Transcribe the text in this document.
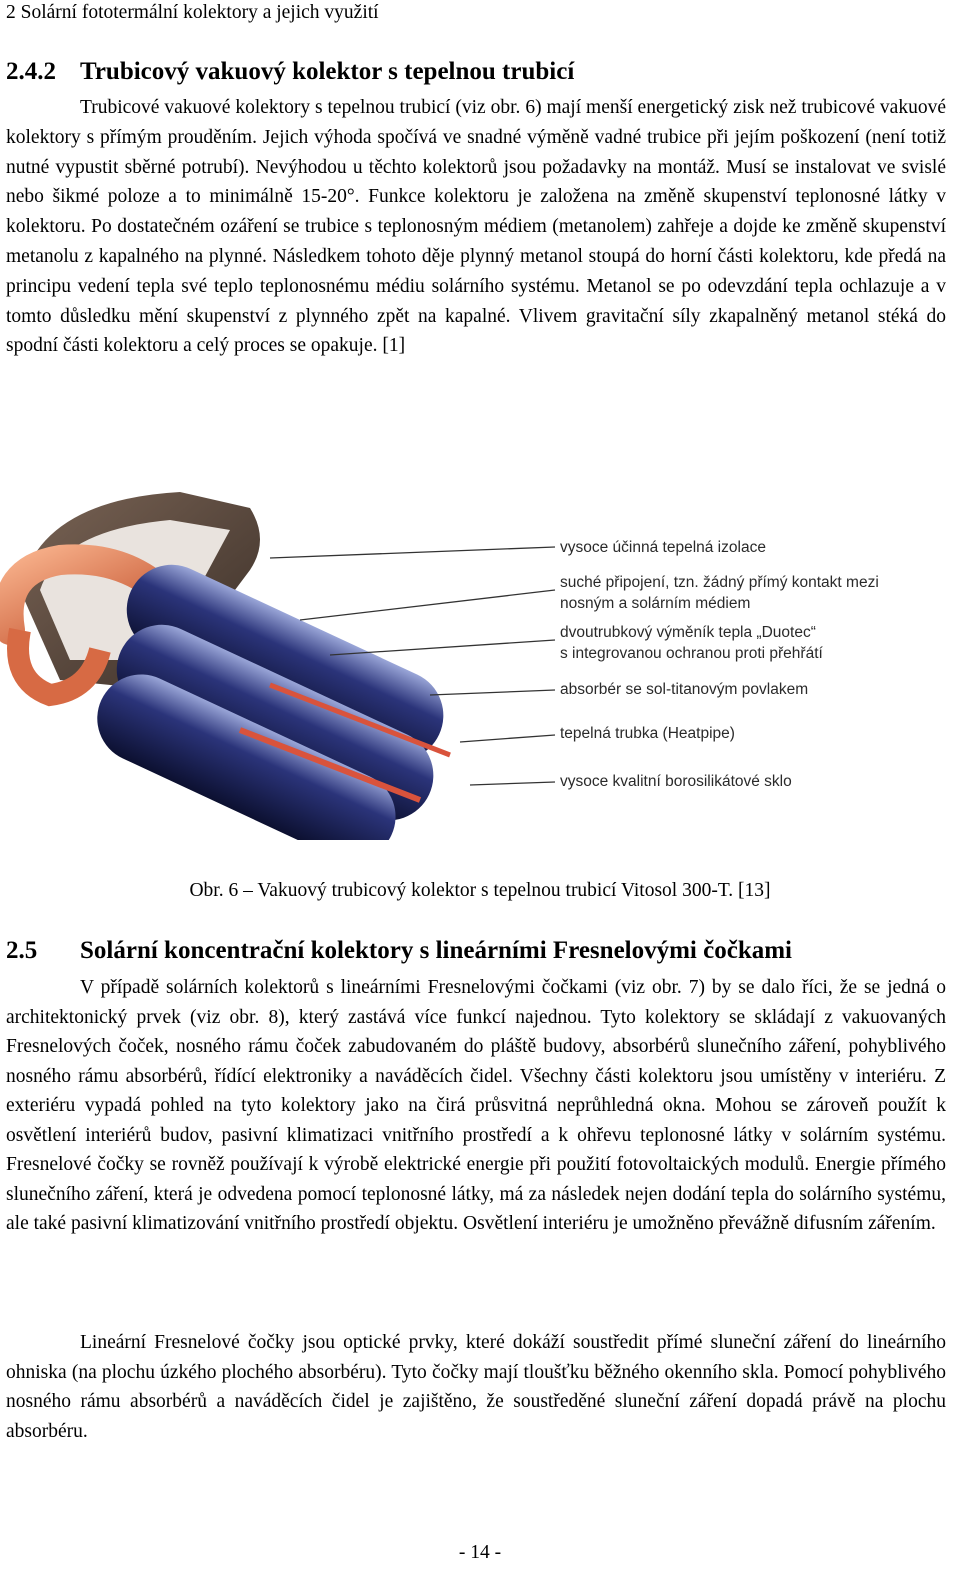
2 Solární fototermální kolektory a jejich využití
2.4.2 Trubicový vakuový kolektor s tepelnou trubicí

Trubicové vakuové kolektory s tepelnou trubicí (viz obr. 6) mají menší energetický zisk než trubicové vakuové kolektory s přímým prouděním. Jejich výhoda spočívá ve snadné výměně vadné trubice při jejím poškození (není totiž nutné vypustit sběrné potrubí). Nevýhodou u těchto kolektorů jsou požadavky na montáž. Musí se instalovat ve svislé nebo šikmé poloze a to minimálně 15-20°. Funkce kolektoru je založena na změně skupenství teplonosné látky v kolektoru. Po dostatečném ozáření se trubice s teplonosným médiem (metanolem) zahřeje a dojde ke změně skupenství metanolu z kapalného na plynné. Následkem tohoto děje plynný metanol stoupá do horní části kolektoru, kde předá na principu vedení tepla své teplo teplonosnému médiu solárního systému. Metanol se po odevzdání tepla ochlazuje a v tomto důsledku mění skupenství z plynného zpět na kapalné. Vlivem gravitační síly zkapalněný metanol stéká do spodní části kolektoru a celý proces se opakuje. [1]

vysoce účinná tepelná izolace
suché připojení, tzn. žádný přímý kontakt mezi
nosným a solárním médiem
dvoutrubkový výměník tepla „Duotec“
s integrovanou ochranou proti přehřátí
absorbér se sol-titanovým povlakem
tepelná trubka (Heatpipe)
vysoce kvalitní borosilikátové sklo
Obr. 6 – Vakuový trubicový kolektor s tepelnou trubicí Vitosol 300-T. [13]
2.5 Solární koncentrační kolektory s lineárními Fresnelovými čočkami

V případě solárních kolektorů s lineárními Fresnelovými čočkami (viz obr. 7) by se dalo říci, že se jedná o architektonický prvek (viz obr. 8), který zastává více funkcí najednou. Tyto kolektory se skládají z vakuovaných Fresnelových čoček, nosného rámu čoček zabudovaném do pláště budovy, absorbérů slunečního záření, pohyblivého nosného rámu absorbérů, řídící elektroniky a naváděcích čidel. Všechny části kolektoru jsou umístěny v interiéru. Z exteriéru vypadá pohled na tyto kolektory jako na čirá průsvitná neprůhledná okna. Mohou se zároveň použít k osvětlení interiérů budov, pasivní klimatizaci vnitřního prostředí a k ohřevu teplonosné látky v solárním systému. Fresnelové čočky se rovněž používají k výrobě elektrické energie při použití fotovoltaických modulů. Energie přímého slunečního záření, která je odvedena pomocí teplonosné látky, má za následek nejen dodání tepla do solárního systému, ale také pasivní klimatizování vnitřního prostředí objektu. Osvětlení interiéru je umožněno převážně difusním zářením.

Lineární Fresnelové čočky jsou optické prvky, které dokáží soustředit přímé sluneční záření do lineárního ohniska (na plochu úzkého plochého absorbéru). Tyto čočky mají tloušťku běžného okenního skla. Pomocí pohyblivého nosného rámu absorbérů a naváděcích čidel je zajištěno, že soustředěné sluneční záření dopadá právě na plochu absorbéru.

- 14 -
